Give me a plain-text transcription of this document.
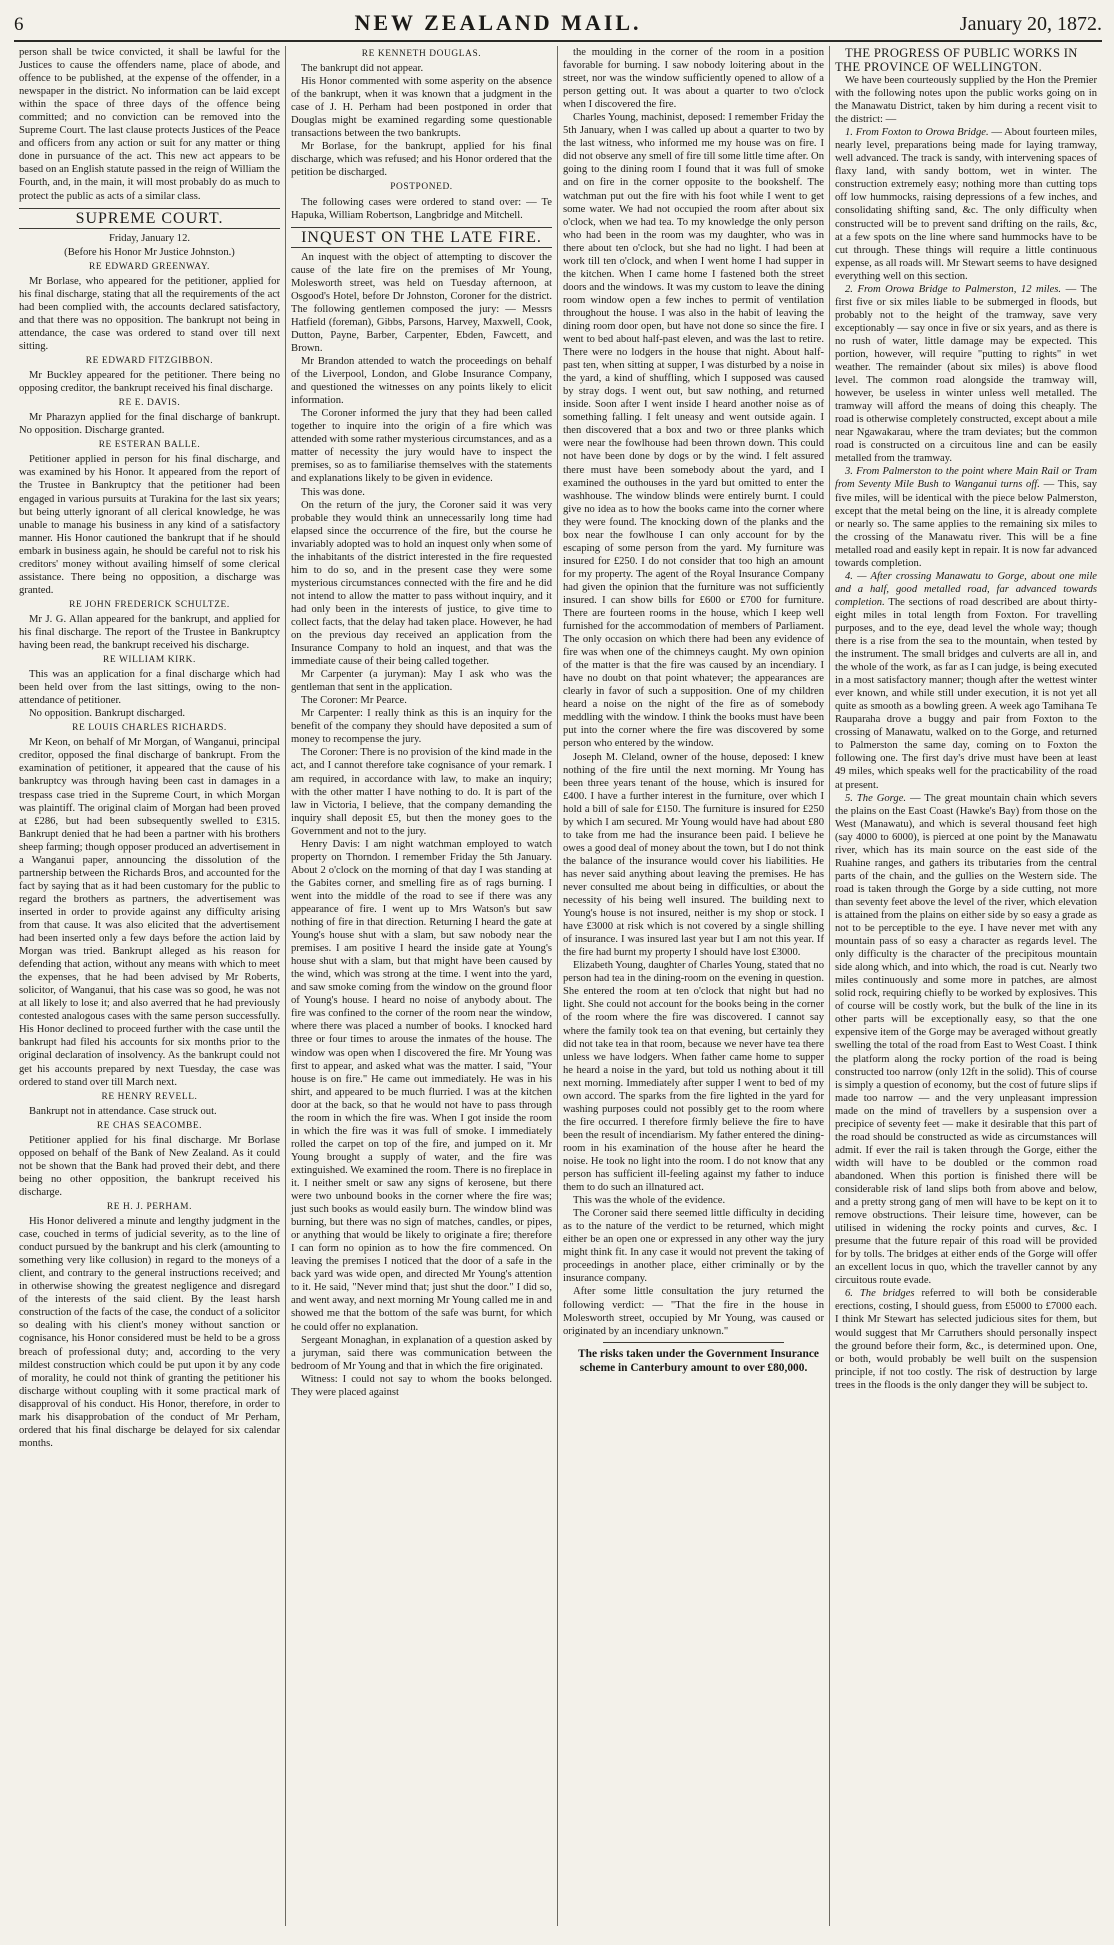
6	NEW ZEALAND MAIL.	January 20, 1872.

person shall be twice convicted, it shall be lawful for the Justices to cause the offenders name, place of abode, and offence to be published, at the expense of the offender, in a newspaper in the district. No information can be laid except within the space of three days of the offence being committed; and no conviction can be removed into the Supreme Court. The last clause protects Justices of the Peace and officers from any action or suit for any matter or thing done in pursuance of the act. This new act appears to be based on an English statute passed in the reign of William the Fourth, and, in the main, it will most probably do as much to protect the public as acts of a similar class.

SUPREME COURT.
Friday, January 12.
(Before his Honor Mr Justice Johnston.)
RE EDWARD GREENWAY.

Mr Borlase, who appeared for the petitioner, applied for his final discharge, stating that all the requirements of the act had been complied with, the accounts declared satisfactory, and that there was no opposition. The bankrupt not being in attendance, the case was ordered to stand over till next sitting.

RE EDWARD FITZGIBBON.

Mr Buckley appeared for the petitioner. There being no opposing creditor, the bankrupt received his final discharge.

RE E. DAVIS.

Mr Pharazyn applied for the final discharge of bankrupt. No opposition. Discharge granted.

RE ESTERAN BALLE.

Petitioner applied in person for his final discharge, and was examined by his Honor. It appeared from the report of the Trustee in Bankruptcy that the petitioner had been engaged in various pursuits at Turakina for the last six years; but being utterly ignorant of all clerical knowledge, he was unable to manage his business in any kind of a satisfactory manner. His Honor cautioned the bankrupt that if he should embark in business again, he should be careful not to risk his creditors' money without availing himself of some clerical assistance. There being no opposition, a discharge was granted.

RE JOHN FREDERICK SCHULTZE.

Mr J. G. Allan appeared for the bankrupt, and applied for his final discharge. The report of the Trustee in Bankruptcy having been read, the bankrupt received his discharge.

RE WILLIAM KIRK.

This was an application for a final discharge which had been held over from the last sittings, owing to the non-attendance of petitioner.

No opposition. Bankrupt discharged.

RE LOUIS CHARLES RICHARDS.

Mr Keon, on behalf of Mr Morgan, of Wanganui, principal creditor, opposed the final discharge of bankrupt. From the examination of petitioner, it appeared that the cause of his bankruptcy was through having been cast in damages in a trespass case tried in the Supreme Court, in which Morgan was plaintiff. The original claim of Morgan had been proved at £286, but had been subsequently swelled to £315. Bankrupt denied that he had been a partner with his brothers sheep farming; though opposer produced an advertisement in a Wanganui paper, announcing the dissolution of the partnership between the Richards Bros, and accounted for the fact by saying that as it had been customary for the public to regard the brothers as partners, the advertisement was inserted in order to provide against any difficulty arising from that cause. It was also elicited that the advertisement had been inserted only a few days before the action laid by Morgan was tried. Bankrupt alleged as his reason for defending that action, without any means with which to meet the expenses, that he had been advised by Mr Roberts, solicitor, of Wanganui, that his case was so good, he was not at all likely to lose it; and also averred that he had previously contested analogous cases with the same person successfully. His Honor declined to proceed further with the case until the bankrupt had filed his accounts for six months prior to the original declaration of insolvency. As the bankrupt could not get his accounts prepared by next Tuesday, the case was ordered to stand over till March next.

RE HENRY REVELL.

Bankrupt not in attendance. Case struck out.

RE CHAS SEACOMBE.

Petitioner applied for his final discharge. Mr Borlase opposed on behalf of the Bank of New Zealand. As it could not be shown that the Bank had proved their debt, and there being no other opposition, the bankrupt received his discharge.

RE H. J. PERHAM.

His Honor delivered a minute and lengthy judgment in the case, couched in terms of judicial severity, as to the line of conduct pursued by the bankrupt and his clerk (amounting to something very like collusion) in regard to the moneys of a client, and contrary to the general instructions received; and in otherwise showing the greatest negligence and disregard of the interests of the said client. By the least harsh construction of the facts of the case, the conduct of a solicitor so dealing with his client's money without sanction or cognisance, his Honor considered must be held to be a gross breach of professional duty; and, according to the very mildest construction which could be put upon it by any code of morality, he could not think of granting the petitioner his discharge without coupling with it some practical mark of disapproval of his conduct. His Honor, therefore, in order to mark his disapprobation of the conduct of Mr Perham, ordered that his final discharge be delayed for six calendar months.

RE KENNETH DOUGLAS.

The bankrupt did not appear.

His Honor commented with some asperity on the absence of the bankrupt, when it was known that a judgment in the case of J. H. Perham had been postponed in order that Douglas might be examined regarding some questionable transactions between the two bankrupts.

Mr Borlase, for the bankrupt, applied for his final discharge, which was refused; and his Honor ordered that the petition be discharged.

POSTPONED.

The following cases were ordered to stand over: — Te Hapuka, William Robertson, Langbridge and Mitchell.

INQUEST ON THE LATE FIRE.

An inquest with the object of attempting to discover the cause of the late fire on the premises of Mr Young, Molesworth street, was held on Tuesday afternoon, at Osgood's Hotel, before Dr Johnston, Coroner for the district. The following gentlemen composed the jury: — Messrs Hatfield (foreman), Gibbs, Parsons, Harvey, Maxwell, Cook, Dutton, Payne, Barber, Carpenter, Ebden, Fawcett, and Brown.

Mr Brandon attended to watch the proceedings on behalf of the Liverpool, London, and Globe Insurance Company, and questioned the witnesses on any points likely to elicit information.

The Coroner informed the jury that they had been called together to inquire into the origin of a fire which was attended with some rather mysterious circumstances, and as a matter of necessity the jury would have to inspect the premises, so as to familiarise themselves with the statements and explanations likely to be given in evidence.

This was done.

On the return of the jury, the Coroner said it was very probable they would think an unnecessarily long time had elapsed since the occurrence of the fire, but the course he invariably adopted was to hold an inquest only when some of the inhabitants of the district interested in the fire requested him to do so, and in the present case they were some mysterious circumstances connected with the fire and he did not intend to allow the matter to pass without inquiry, and it had only been in the interests of justice, to give time to collect facts, that the delay had taken place. However, he had on the previous day received an application from the Insurance Company to hold an inquest, and that was the immediate cause of their being called together.

Mr Carpenter (a juryman): May I ask who was the gentleman that sent in the application.

The Coroner: Mr Pearce.

Mr Carpenter: I really think as this is an inquiry for the benefit of the company they should have deposited a sum of money to recompense the jury.

The Coroner: There is no provision of the kind made in the act, and I cannot therefore take cognisance of your remark. I am required, in accordance with law, to make an inquiry; with the other matter I have nothing to do. It is part of the law in Victoria, I believe, that the company demanding the inquiry shall deposit £5, but then the money goes to the Government and not to the jury.

Henry Davis: I am night watchman employed to watch property on Thorndon. I remember Friday the 5th January. About 2 o'clock on the morning of that day I was standing at the Gabites corner, and smelling fire as of rags burning. I went into the middle of the road to see if there was any appearance of fire. I went up to Mrs Watson's but saw nothing of fire in that direction. Returning I heard the gate at Young's house shut with a slam, but saw nobody near the premises. I am positive I heard the inside gate at Young's house shut with a slam, but that might have been caused by the wind, which was strong at the time. I went into the yard, and saw smoke coming from the window on the ground floor of Young's house. I heard no noise of anybody about. The fire was confined to the corner of the room near the window, where there was placed a number of books. I knocked hard three or four times to arouse the inmates of the house. The window was open when I discovered the fire. Mr Young was first to appear, and asked what was the matter. I said, "Your house is on fire." He came out immediately. He was in his shirt, and appeared to be much flurried. I was at the kitchen door at the back, so that he would not have to pass through the room in which the fire was. When I got inside the room in which the fire was it was full of smoke. I immediately rolled the carpet on top of the fire, and jumped on it. Mr Young brought a supply of water, and the fire was extinguished. We examined the room. There is no fireplace in it. I neither smelt or saw any signs of kerosene, but there were two unbound books in the corner where the fire was; just such books as would easily burn. The window blind was burning, but there was no sign of matches, candles, or pipes, or anything that would be likely to originate a fire; therefore I can form no opinion as to how the fire commenced. On leaving the premises I noticed that the door of a safe in the back yard was wide open, and directed Mr Young's attention to it. He said, "Never mind that; just shut the door." I did so, and went away, and next morning Mr Young called me in and showed me that the bottom of the safe was burnt, for which he could offer no explanation.

Sergeant Monaghan, in explanation of a question asked by a juryman, said there was communication between the bedroom of Mr Young and that in which the fire originated.

Witness: I could not say to whom the books belonged. They were placed against

the moulding in the corner of the room in a position favorable for burning. I saw nobody loitering about in the street, nor was the window sufficiently opened to allow of a person getting out. It was about a quarter to two o'clock when I discovered the fire.

Charles Young, machinist, deposed: I remember Friday the 5th January, when I was called up about a quarter to two by the last witness, who informed me my house was on fire. I did not observe any smell of fire till some little time after. On going to the dining room I found that it was full of smoke and on fire in the corner opposite to the bookshelf. The watchman put out the fire with his foot while I went to get some water. We had not occupied the room after about six o'clock, when we had tea. To my knowledge the only person who had been in the room was my daughter, who was in there about ten o'clock, but she had no light. I had been at work till ten o'clock, and when I went home I had supper in the kitchen. When I came home I fastened both the street doors and the windows. It was my custom to leave the dining room window open a few inches to permit of ventilation throughout the house. I was also in the habit of leaving the dining room door open, but have not done so since the fire. I went to bed about half-past eleven, and was the last to retire. There were no lodgers in the house that night. About half-past ten, when sitting at supper, I was disturbed by a noise in the yard, a kind of shuffling, which I supposed was caused by stray dogs. I went out, but saw nothing, and returned inside. Soon after I went inside I heard another noise as of something falling. I felt uneasy and went outside again. I then discovered that a box and two or three planks which were near the fowlhouse had been thrown down. This could not have been done by dogs or by the wind. I felt assured there must have been somebody about the yard, and I examined the outhouses in the yard but omitted to enter the washhouse. The window blinds were entirely burnt. I could give no idea as to how the books came into the corner where they were found. The knocking down of the planks and the box near the fowlhouse I can only account for by the escaping of some person from the yard. My furniture was insured for £250. I do not consider that too high an amount for my property. The agent of the Royal Insurance Company had given the opinion that the furniture was not sufficiently insured. I can show bills for £600 or £700 for furniture. There are fourteen rooms in the house, which I keep well furnished for the accommodation of members of Parliament. The only occasion on which there had been any evidence of fire was when one of the chimneys caught. My own opinion of the matter is that the fire was caused by an incendiary. I have no doubt on that point whatever; the appearances are clearly in favor of such a supposition. One of my children heard a noise on the night of the fire as of somebody meddling with the window. I think the books must have been put into the corner where the fire was discovered by some person who entered by the window.

Joseph M. Cleland, owner of the house, deposed: I knew nothing of the fire until the next morning. Mr Young has been three years tenant of the house, which is insured for £400. I have a further interest in the furniture, over which I hold a bill of sale for £150. The furniture is insured for £250 by which I am secured. Mr Young would have had about £80 to take from me had the insurance been paid. I believe he owes a good deal of money about the town, but I do not think the balance of the insurance would cover his liabilities. He has never said anything about leaving the premises. He has never consulted me about being in difficulties, or about the necessity of his being well insured. The building next to Young's house is not insured, neither is my shop or stock. I have £3000 at risk which is not covered by a single shilling of insurance. I was insured last year but I am not this year. If the fire had burnt my property I should have lost £3000.

Elizabeth Young, daughter of Charles Young, stated that no person had tea in the dining-room on the evening in question. She entered the room at ten o'clock that night but had no light. She could not account for the books being in the corner of the room where the fire was discovered. I cannot say where the family took tea on that evening, but certainly they did not take tea in that room, because we never have tea there unless we have lodgers. When father came home to supper he heard a noise in the yard, but told us nothing about it till next morning. Immediately after supper I went to bed of my own accord. The sparks from the fire lighted in the yard for washing purposes could not possibly get to the room where the fire occurred. I therefore firmly believe the fire to have been the result of incendiarism. My father entered the dining-room in his examination of the house after he heard the noise. He took no light into the room. I do not know that any person has sufficient ill-feeling against my father to induce them to do such an illnatured act.

This was the whole of the evidence.

The Coroner said there seemed little difficulty in deciding as to the nature of the verdict to be returned, which might either be an open one or expressed in any other way the jury might think fit. In any case it would not prevent the taking of proceedings in another place, either criminally or by the insurance company.

After some little consultation the jury returned the following verdict: — "That the fire in the house in Molesworth street, occupied by Mr Young, was caused or originated by an incendiary unknown."

The risks taken under the Government Insurance scheme in Canterbury amount to over £80,000.

THE PROGRESS OF PUBLIC WORKS IN THE PROVINCE OF WELLINGTON.

We have been courteously supplied by the Hon the Premier with the following notes upon the public works going on in the Manawatu District, taken by him during a recent visit to the district: —

1. From Foxton to Orowa Bridge. — About fourteen miles, nearly level, preparations being made for laying tramway, well advanced. The track is sandy, with intervening spaces of flaxy land, with sandy bottom, wet in winter. The construction extremely easy; nothing more than cutting tops off low hummocks, raising depressions of a few inches, and consolidating shifting sand, &c. The only difficulty when constructed will be to prevent sand drifting on the rails, &c, at a few spots on the line where sand hummocks have to be cut through. These things will require a little continuous expense, as all roads will. Mr Stewart seems to have designed everything well on this section.

2. From Orowa Bridge to Palmerston, 12 miles. — The first five or six miles liable to be submerged in floods, but probably not to the height of the tramway, save very exceptionably — say once in five or six years, and as there is no rush of water, little damage may be expected. This portion, however, will require "putting to rights" in wet weather. The remainder (about six miles) is above flood level. The common road alongside the tramway will, however, be useless in winter unless well metalled. The tramway will afford the means of doing this cheaply. The road is otherwise completely constructed, except about a mile near Ngawakarau, where the tram deviates; but the common road is constructed on a circuitous line and can be easily metalled from the tramway.

3. From Palmerston to the point where Main Rail or Tram from Seventy Mile Bush to Wanganui turns off. — This, say five miles, will be identical with the piece below Palmerston, except that the metal being on the line, it is already complete or nearly so. The same applies to the remaining six miles to the crossing of the Manawatu river. This will be a fine metalled road and easily kept in repair. It is now far advanced towards completion.

4. — After crossing Manawatu to Gorge, about one mile and a half, good metalled road, far advanced towards completion. The sections of road described are about thirty-eight miles in total length from Foxton. For travelling purposes, and to the eye, dead level the whole way; though there is a rise from the sea to the mountain, when tested by the instrument. The small bridges and culverts are all in, and the whole of the work, as far as I can judge, is being executed in a most satisfactory manner; though after the wettest winter ever known, and while still under execution, it is not yet all quite as smooth as a bowling green. A week ago Tamihana Te Rauparaha drove a buggy and pair from Foxton to the crossing of Manawatu, walked on to the Gorge, and returned to Palmerston the same day, coming on to Foxton the following one. The first day's drive must have been at least 49 miles, which speaks well for the practicability of the road at present.

5. The Gorge. — The great mountain chain which severs the plains on the East Coast (Hawke's Bay) from those on the West (Manawatu), and which is several thousand feet high (say 4000 to 6000), is pierced at one point by the Manawatu river, which has its main source on the east side of the Ruahine ranges, and gathers its tributaries from the central parts of the chain, and the gullies on the Western side. The road is taken through the Gorge by a side cutting, not more than seventy feet above the level of the river, which elevation is attained from the plains on either side by so easy a grade as not to be perceptible to the eye. I have never met with any mountain pass of so easy a character as regards level. The only difficulty is the character of the precipitous mountain side along which, and into which, the road is cut. Nearly two miles continuously and some more in patches, are almost solid rock, requiring chiefly to be worked by explosives. This of course will be costly work, but the bulk of the line in its other parts will be exceptionally easy, so that the one expensive item of the Gorge may be averaged without greatly swelling the total of the road from East to West Coast. I think the platform along the rocky portion of the road is being constructed too narrow (only 12ft in the solid). This of course is simply a question of economy, but the cost of future slips if made too narrow — and the very unpleasant impression made on the mind of travellers by a suspension over a precipice of seventy feet — make it desirable that this part of the road should be constructed as wide as circumstances will admit. If ever the rail is taken through the Gorge, either the width will have to be doubled or the common road abandoned. When this portion is finished there will be considerable risk of land slips both from above and below, and a pretty strong gang of men will have to be kept on it to remove obstructions. Their leisure time, however, can be utilised in widening the rocky points and curves, &c. I presume that the future repair of this road will be provided for by tolls. The bridges at either ends of the Gorge will offer an excellent locus in quo, which the traveller cannot by any circuitous route evade.

6. The bridges referred to will both be considerable erections, costing, I should guess, from £5000 to £7000 each. I think Mr Stewart has selected judicious sites for them, but would suggest that Mr Carruthers should personally inspect the ground before their form, &c., is determined upon. One, or both, would probably be well built on the suspension principle, if not too costly. The risk of destruction by large trees in the floods is the only danger they will be subject to.
